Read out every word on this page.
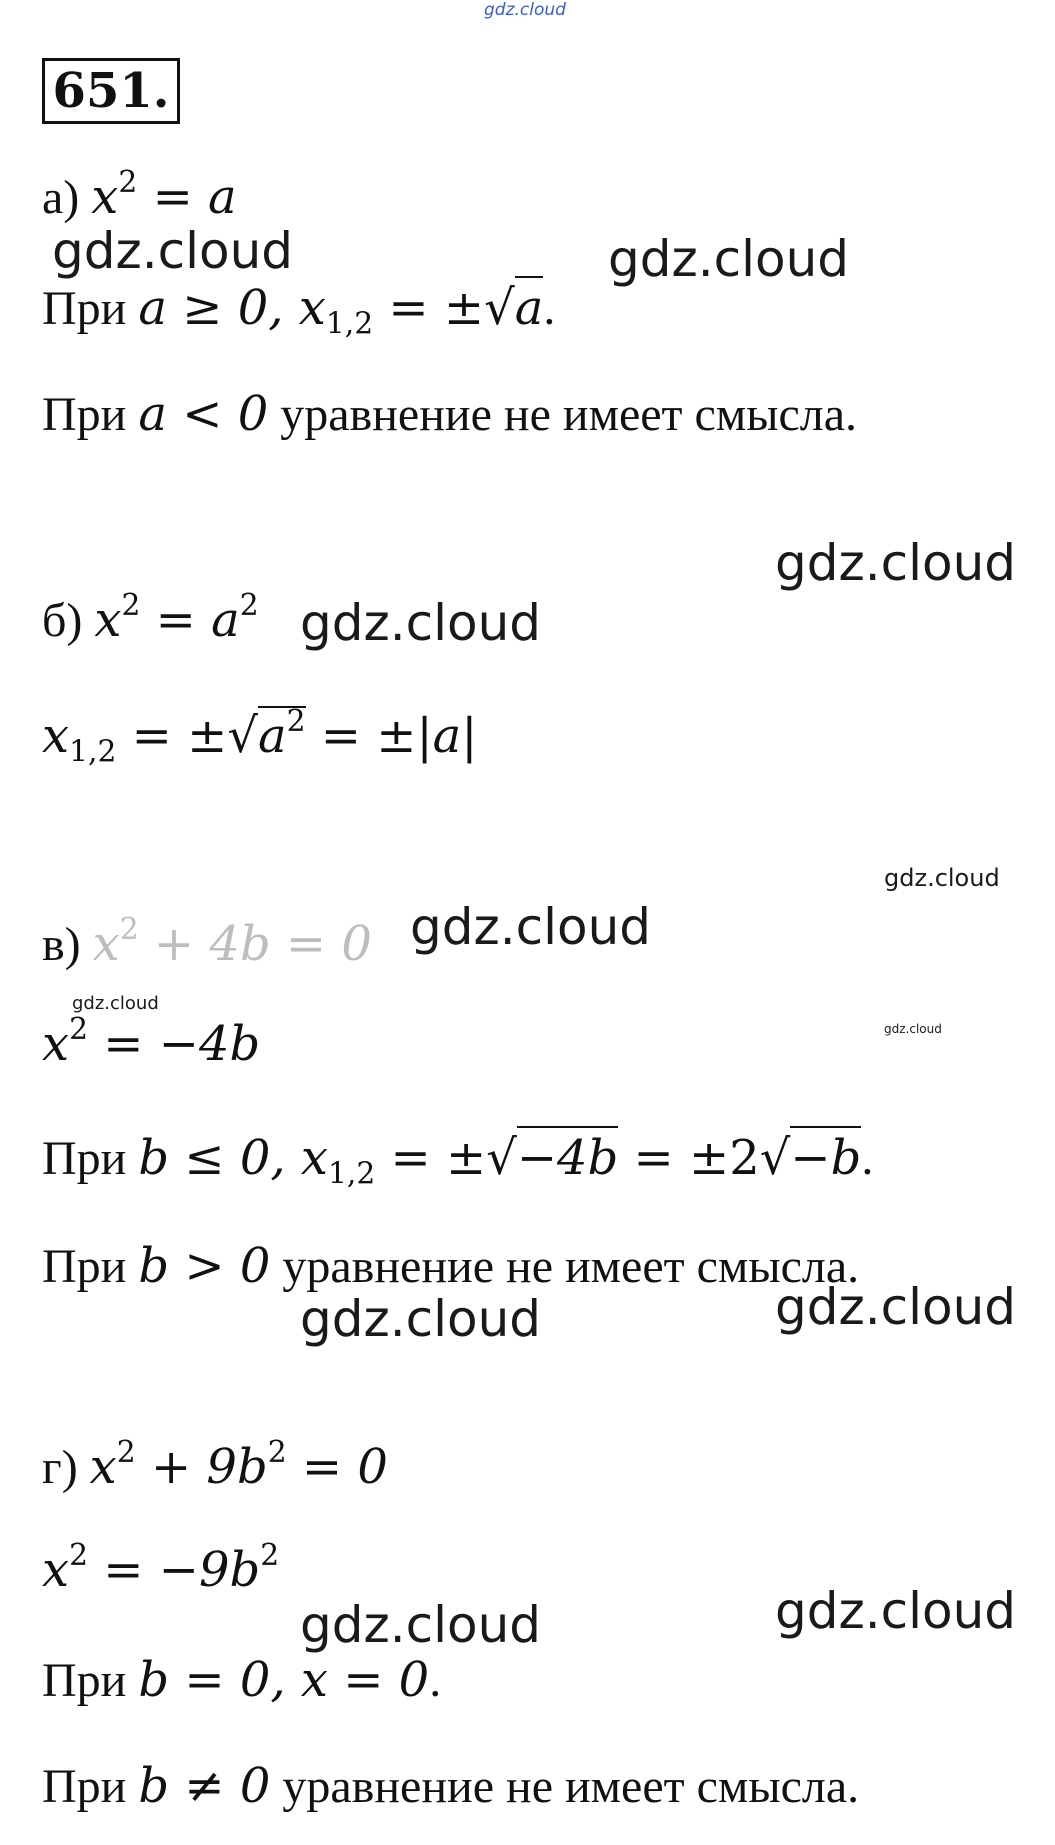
gdz.cloud
651.
а) $x^2 = a$
gdz.cloud	gdz.cloud
При a ≥ 0, $x_{1,2} = \pm√a$.
При a < 0 уравнение не имеет смысла.
gdz.cloud
б) $x^2 = a^2$ gdz.cloud
$x_{1,2} = \pm√a^2 = \pm|a|$
gdz.cloud
в) $x^2 + 4b = 0$ gdz.cloud
gdz.cloud
gdz.cloud
$x^2 = -4b$
При b ≤ 0, $x_{1,2} = \pm√-4b = \pm 2√-b$.
При b > 0 уравнение не имеет смысла.
gdz.cloud	gdz.cloud
г) $x^2 + 9b^2 = 0$
$x^2 = -9b^2$
gdz.cloud
gdz.cloud
При b = 0, x = 0.
При b ≠ 0 уравнение не имеет смысла.
